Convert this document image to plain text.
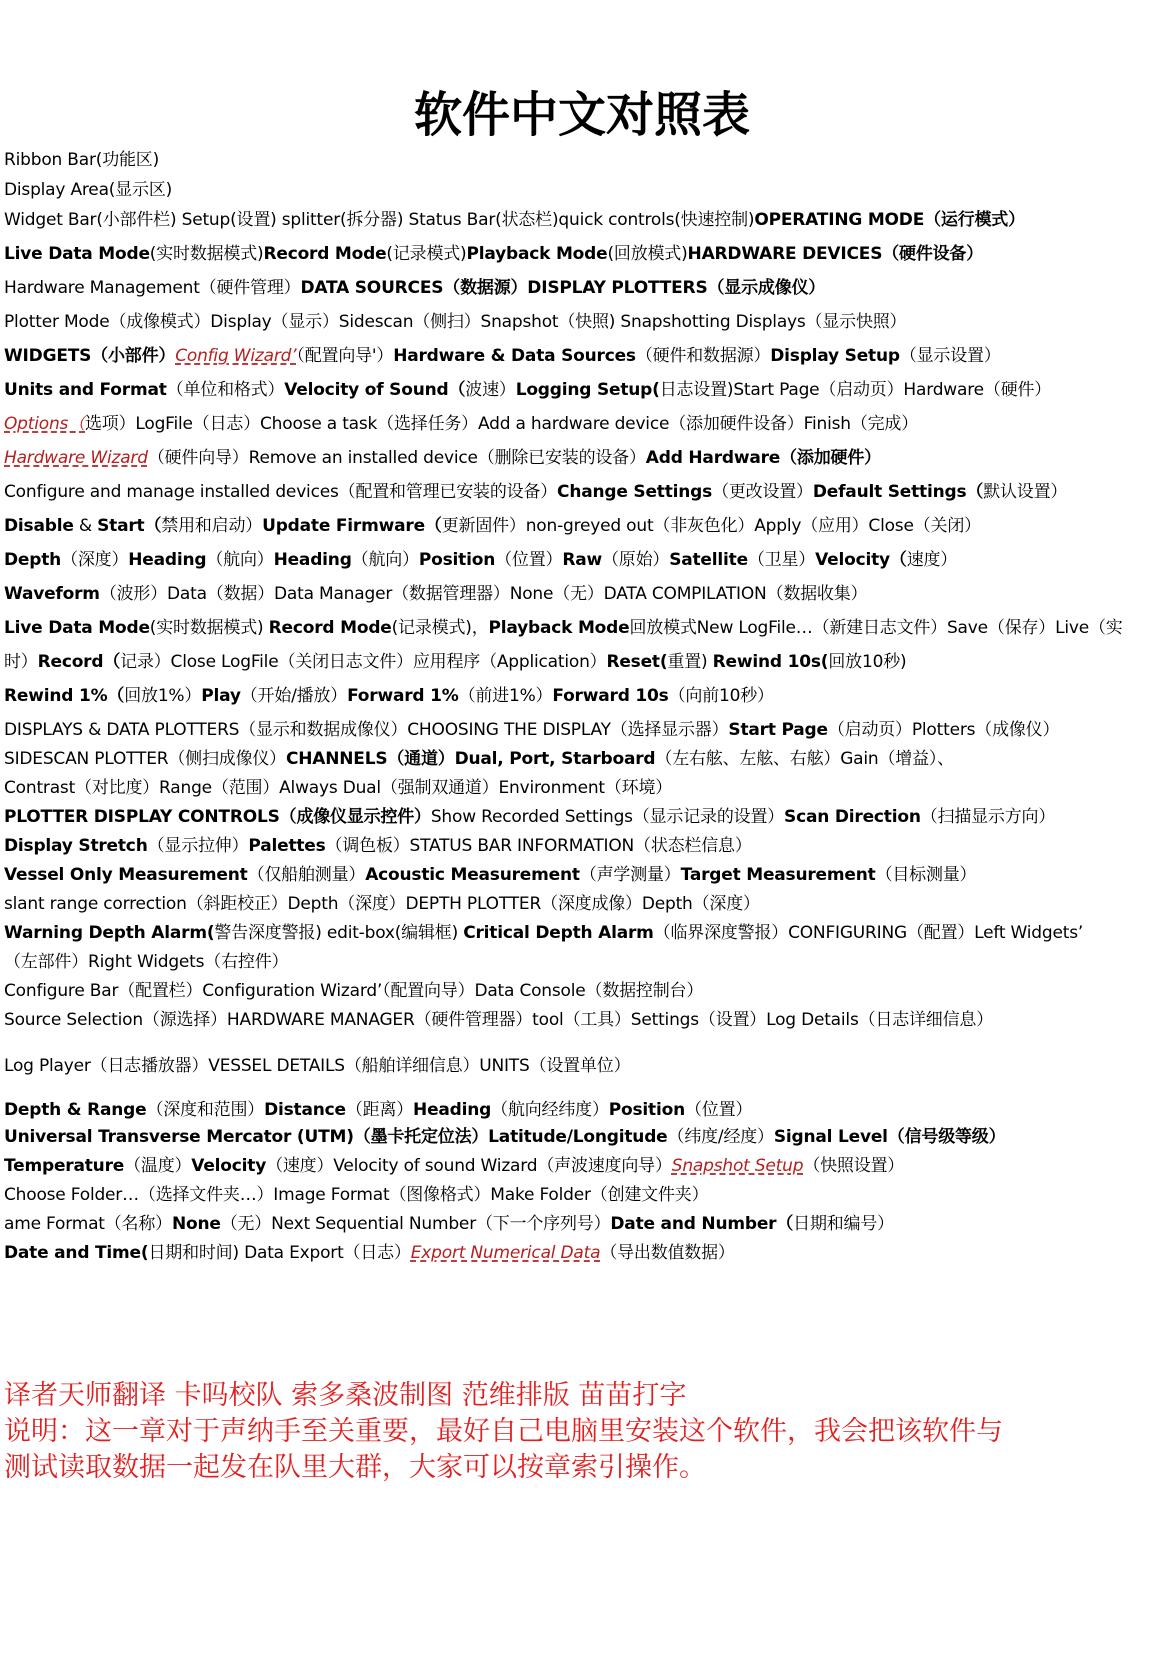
软件中文对照表

Ribbon Bar(功能区)

Display Area(显示区)

Widget Bar(小部件栏) Setup(设置) splitter(拆分器) Status Bar(状态栏)quick controls(快速控制)OPERATING MODE（运行模式）

Live Data Mode(实时数据模式)Record Mode(记录模式)Playback Mode(回放模式)HARDWARE DEVICES（硬件设备）

Hardware Management（硬件管理）DATA SOURCES（数据源）DISPLAY PLOTTERS（显示成像仪）

Plotter Mode（成像模式）Display（显示）Sidescan（侧扫）Snapshot（快照) Snapshotting Displays（显示快照）

WIDGETS（小部件）Config Wizard’（配置向导'）Hardware & Data Sources（硬件和数据源）Display Setup（显示设置）

Units and Format（单位和格式）Velocity of Sound（波速）Logging Setup(日志设置)Start Page（启动页）Hardware（硬件）

Options（选项）LogFile（日志）Choose a task（选择任务）Add a hardware device（添加硬件设备）Finish（完成）

Hardware Wizard（硬件向导）Remove an installed device（删除已安装的设备）Add Hardware（添加硬件）

Configure and manage installed devices（配置和管理已安装的设备）Change Settings（更改设置）Default Settings（默认设置）

Disable & Start（禁用和启动）Update Firmware（更新固件）non-greyed out（非灰色化）Apply（应用）Close（关闭）

Depth（深度）Heading（航向）Heading（航向）Position（位置）Raw（原始）Satellite（卫星）Velocity（速度）

Waveform（波形）Data（数据）Data Manager（数据管理器）None（无）DATA COMPILATION（数据收集）

Live Data Mode(实时数据模式) Record Mode(记录模式)，Playback Mode回放模式New LogFile…（新建日志文件）Save（保存）Live（实

时）Record（记录）Close LogFile（关闭日志文件）应用程序（Application）Reset(重置) Rewind 10s(回放10秒)

Rewind 1%（回放1%）Play（开始/播放）Forward 1%（前进1%）Forward 10s（向前10秒）

DISPLAYS & DATA PLOTTERS（显示和数据成像仪）CHOOSING THE DISPLAY（选择显示器）Start Page（启动页）Plotters（成像仪）

SIDESCAN PLOTTER（侧扫成像仪）CHANNELS（通道）Dual, Port, Starboard（左右舷、左舷、右舷）Gain（增益）、

Contrast（对比度）Range（范围）Always Dual（强制双通道）Environment（环境）

PLOTTER DISPLAY CONTROLS（成像仪显示控件）Show Recorded Settings（显示记录的设置）Scan Direction（扫描显示方向）

Display Stretch（显示拉伸）Palettes（调色板）STATUS BAR INFORMATION（状态栏信息）

Vessel Only Measurement（仅船舶测量）Acoustic Measurement（声学测量）Target Measurement（目标测量）

slant range correction（斜距校正）Depth（深度）DEPTH PLOTTER（深度成像）Depth（深度）

Warning Depth Alarm(警告深度警报) edit-box(编辑框) Critical Depth Alarm（临界深度警报）CONFIGURING（配置）Left Widgets’

（左部件）Right Widgets（右控件）

Configure Bar（配置栏）Configuration Wizard’（配置向导）Data Console（数据控制台）

Source Selection（源选择）HARDWARE MANAGER（硬件管理器）tool（工具）Settings（设置）Log Details（日志详细信息）

Log Player（日志播放器）VESSEL DETAILS（船舶详细信息）UNITS（设置单位）

Depth & Range（深度和范围）Distance（距离）Heading（航向经纬度）Position（位置）

Universal Transverse Mercator (UTM)（墨卡托定位法）Latitude/Longitude（纬度/经度）Signal Level（信号级等级）

Temperature（温度）Velocity（速度）Velocity of sound Wizard（声波速度向导）Snapshot Setup（快照设置）

Choose Folder…（选择文件夹…）Image Format（图像格式）Make Folder（创建文件夹）

ame Format（名称）None（无）Next Sequential Number（下一个序列号）Date and Number（日期和编号）

Date and Time(日期和时间) Data Export（日志）Export Numerical Data（导出数值数据）

译者天师翻译 卡吗校队 索多桑波制图 范维排版 苗苗打字

说明：这一章对于声纳手至关重要，最好自己电脑里安装这个软件，我会把该软件与

测试读取数据一起发在队里大群，大家可以按章索引操作。
